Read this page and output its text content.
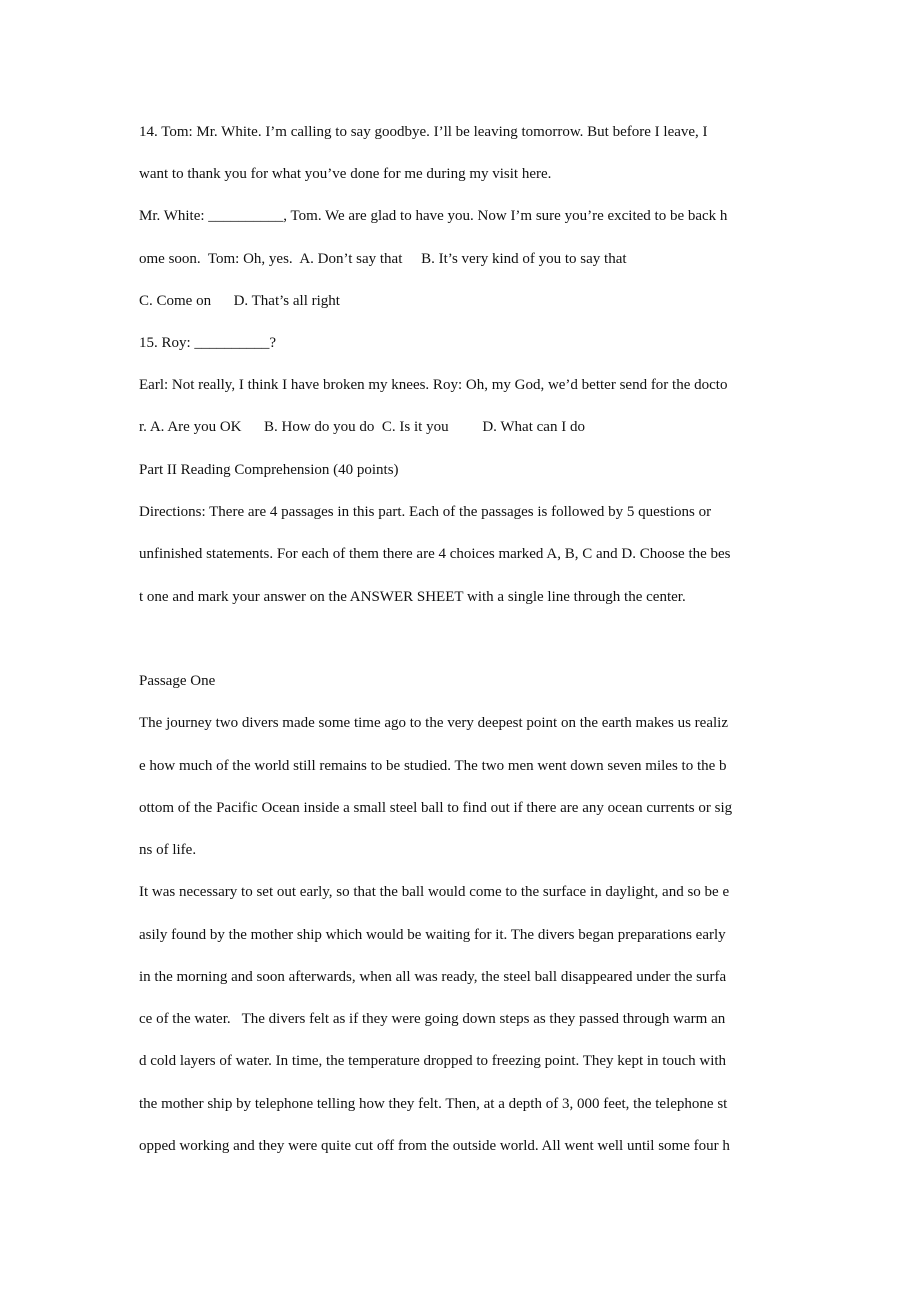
14. Tom: Mr. White. I’m calling to say goodbye. I’ll be leaving tomorrow. But before I leave, I

want to thank you for what you’ve done for me during my visit here.

Mr. White: __________, Tom. We are glad to have you. Now I’m sure you’re excited to be back h

ome soon.  Tom: Oh, yes.  A. Don’t say that     B. It’s very kind of you to say that

C. Come on      D. That’s all right

15. Roy: __________?

Earl: Not really, I think I have broken my knees. Roy: Oh, my God, we’d better send for the docto

r. A. Are you OK      B. How do you do  C. Is it you         D. What can I do

Part II Reading Comprehension (40 points)

Directions: There are 4 passages in this part. Each of the passages is followed by 5 questions or

unfinished statements. For each of them there are 4 choices marked A, B, C and D. Choose the bes

t one and mark your answer on the ANSWER SHEET with a single line through the center.

Passage One

The journey two divers made some time ago to the very deepest point on the earth makes us realiz

e how much of the world still remains to be studied. The two men went down seven miles to the b

ottom of the Pacific Ocean inside a small steel ball to find out if there are any ocean currents or sig

ns of life.

It was necessary to set out early, so that the ball would come to the surface in daylight, and so be e

asily found by the mother ship which would be waiting for it. The divers began preparations early

in the morning and soon afterwards, when all was ready, the steel ball disappeared under the surfa

ce of the water.   The divers felt as if they were going down steps as they passed through warm an

d cold layers of water. In time, the temperature dropped to freezing point. They kept in touch with

the mother ship by telephone telling how they felt. Then, at a depth of 3, 000 feet, the telephone st

opped working and they were quite cut off from the outside world. All went well until some four h
